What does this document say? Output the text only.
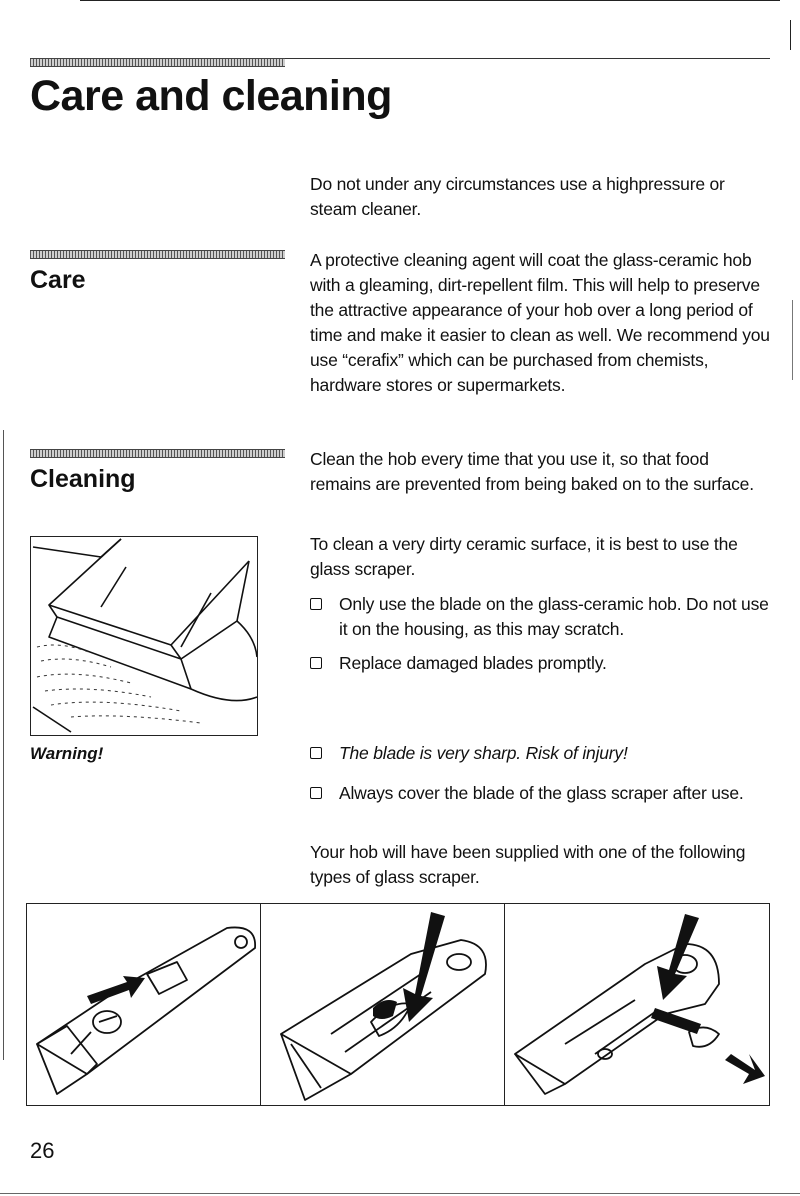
Care and cleaning

Do not under any circumstances use a highpressure or steam cleaner.

Care

A protective cleaning agent will coat the glass-ceramic hob with a gleaming, dirt-repellent film. This will help to preserve the attractive appearance of your hob over a long period of time and make it easier to clean as well. We recommend you use “cerafix” which can be purchased from chemists, hardware stores or supermarkets.

Cleaning

Clean the hob every time that you use it, so that food remains are prevented from being baked on to the surface.

To clean a very dirty ceramic surface, it is best to use the glass scraper.

Only use the blade on the glass-ceramic hob. Do not use it on the housing, as this may scratch.
Replace damaged blades promptly.
Warning!	The blade is very sharp. Risk of injury!
Always cover the blade of the glass scraper after use.

Your hob will have been supplied with one of the following types of glass scraper.

26
